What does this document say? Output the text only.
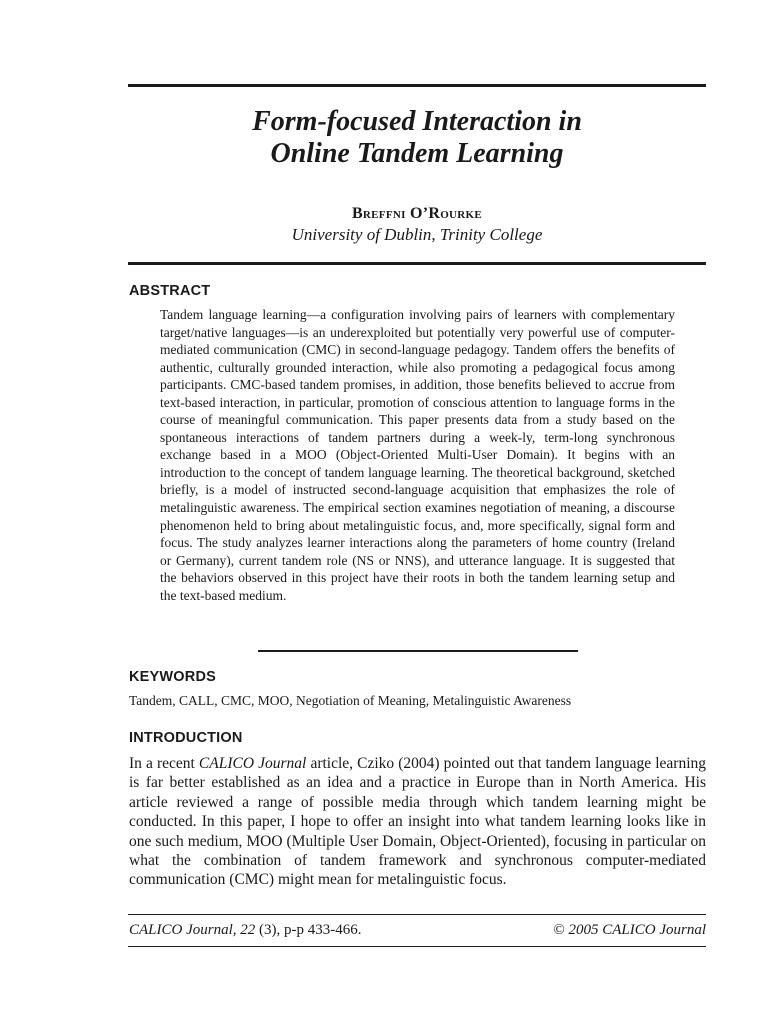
Form-focused Interaction in
Online Tandem Learning
Breffni O’Rourke
University of Dublin, Trinity College
ABSTRACT
Tandem language learning—a configuration involving pairs of learners with complementary target/native languages—is an underexploited but potentially very powerful use of computer-mediated communication (CMC) in second-language pedagogy. Tandem offers the benefits of authentic, culturally grounded interaction, while also promoting a pedagogical focus among participants. CMC-based tandem promises, in addition, those benefits believed to accrue from text-based interaction, in particular, promotion of conscious attention to language forms in the course of meaningful communication. This paper presents data from a study based on the spontaneous interactions of tandem partners during a week-ly, term-long synchronous exchange based in a MOO (Object-Oriented Multi-User Domain). It begins with an introduction to the concept of tandem language learning. The theoretical background, sketched briefly, is a model of instructed second-language acquisition that emphasizes the role of metalinguistic awareness. The empirical section examines negotiation of meaning, a discourse phenomenon held to bring about metalinguistic focus, and, more specifically, signal form and focus. The study analyzes learner interactions along the parameters of home country (Ireland or Germany), current tandem role (NS or NNS), and utterance language. It is suggested that the behaviors observed in this project have their roots in both the tandem learning setup and the text-based medium.
KEYWORDS
Tandem, CALL, CMC, MOO, Negotiation of Meaning, Metalinguistic Awareness
INTRODUCTION
In a recent CALICO Journal article, Cziko (2004) pointed out that tandem language learning is far better established as an idea and a practice in Europe than in North America. His article reviewed a range of possible media through which tandem learning might be conducted. In this paper, I hope to offer an insight into what tandem learning looks like in one such medium, MOO (Multiple User Domain, Object-Oriented), focusing in particular on what the combination of tandem framework and synchronous computer-mediated communication (CMC) might mean for metalinguistic focus.
CALICO Journal, 22 (3), p-p 433-466.	© 2005 CALICO Journal
